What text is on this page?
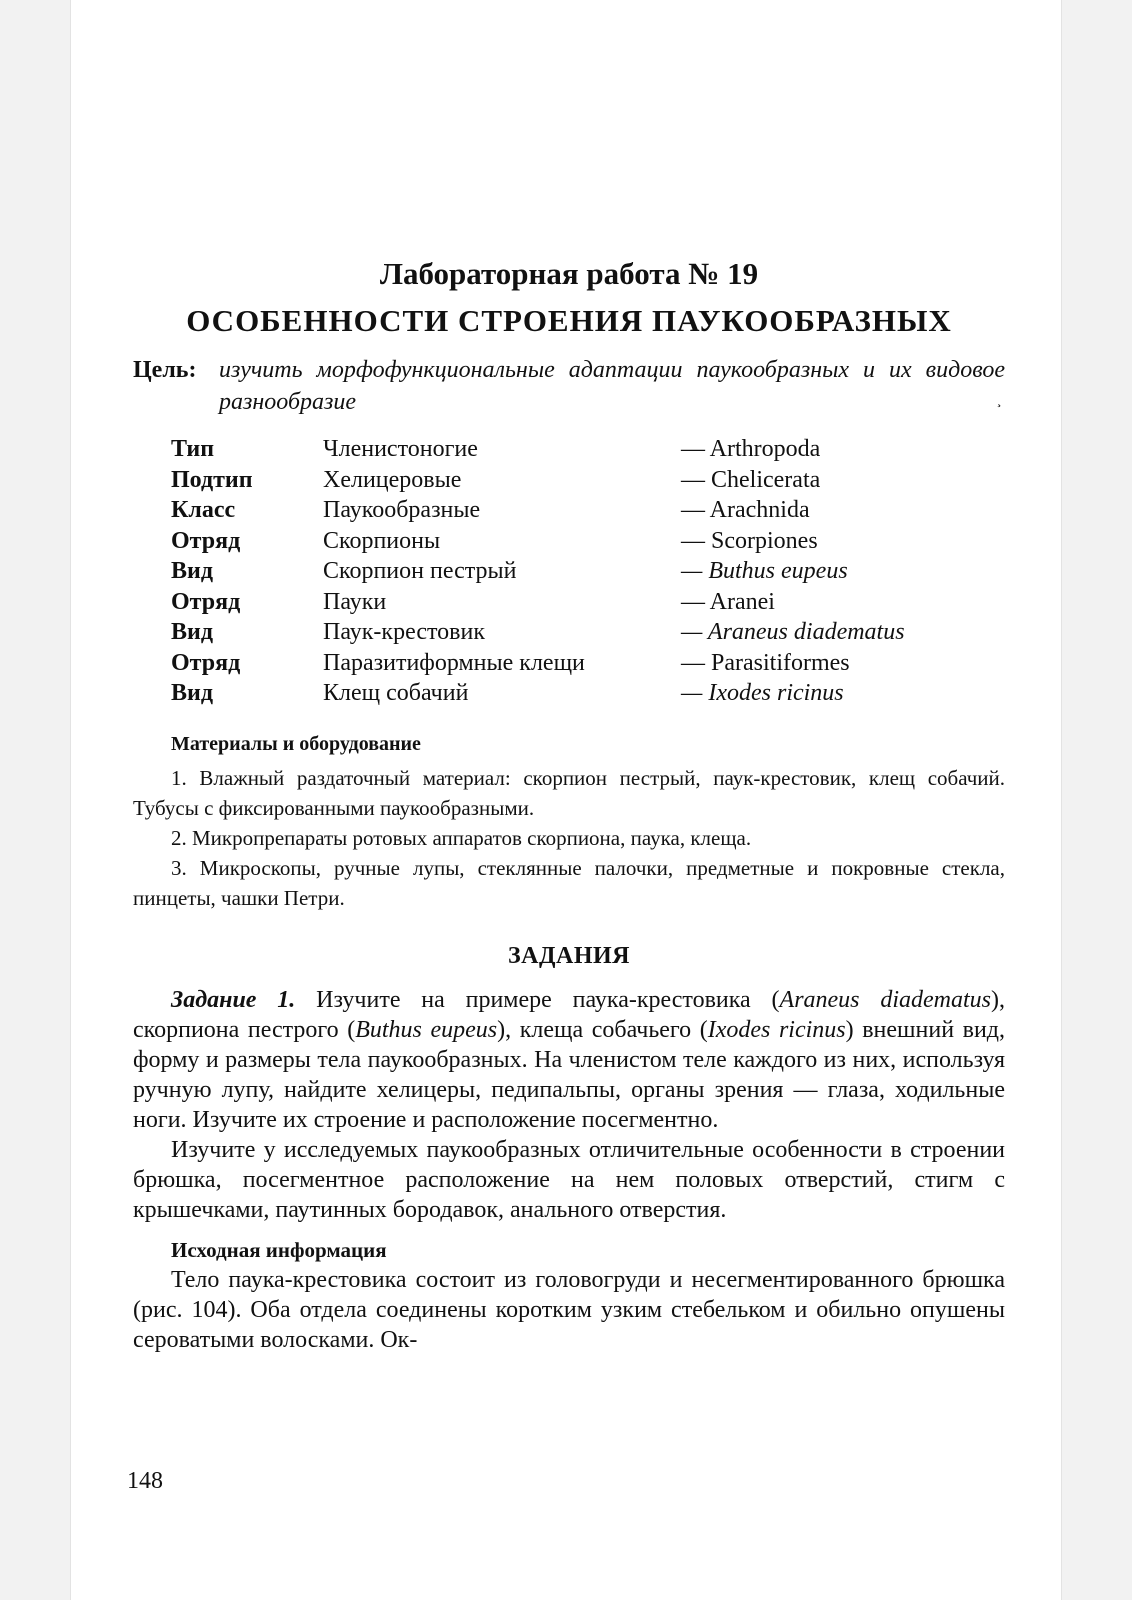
Лабораторная работа № 19
ОСОБЕННОСТИ СТРОЕНИЯ ПАУКООБРАЗНЫХ
Цель: изучить морфофункциональные адаптации паукообразных и их видовое разнообразие
Тип	Членистоногие	— Arthropoda
Подтип	Хелицеровые	— Chelicerata
Класс	Паукообразные	— Arachnida
Отряд	Скорпионы	— Scorpiones
Вид	Скорпион пестрый	— Buthus eupeus
Отряд	Пауки	— Aranei
Вид	Паук-крестовик	— Araneus diadematus
Отряд	Паразитиформные клещи	— Parasitiformes
Вид	Клещ собачий	— Ixodes ricinus
Материалы и оборудование

1. Влажный раздаточный материал: скорпион пестрый, паук-крестовик, клещ собачий. Тубусы с фиксированными паукообразными.

2. Микропрепараты ротовых аппаратов скорпиона, паука, клеща.

3. Микроскопы, ручные лупы, стеклянные палочки, предметные и покровные стекла, пинцеты, чашки Петри.

ЗАДАНИЯ

Задание 1. Изучите на примере паука-крестовика (Araneus diadematus), скорпиона пестрого (Buthus eupeus), клеща собачьего (Ixodes ricinus) внешний вид, форму и размеры тела паукообразных. На членистом теле каждого из них, используя ручную лупу, найдите хелицеры, педипальпы, органы зрения — глаза, ходильные ноги. Изучите их строение и расположение посегментно.

Изучите у исследуемых паукообразных отличительные особенности в строении брюшка, посегментное расположение на нем половых отверстий, стигм с крышечками, паутинных бородавок, анального отверстия.

Исходная информация

Тело паука-крестовика состоит из головогруди и несегментированного брюшка (рис. 104). Оба отдела соединены коротким узким стебельком и обильно опушены сероватыми волосками. Ок-

148
